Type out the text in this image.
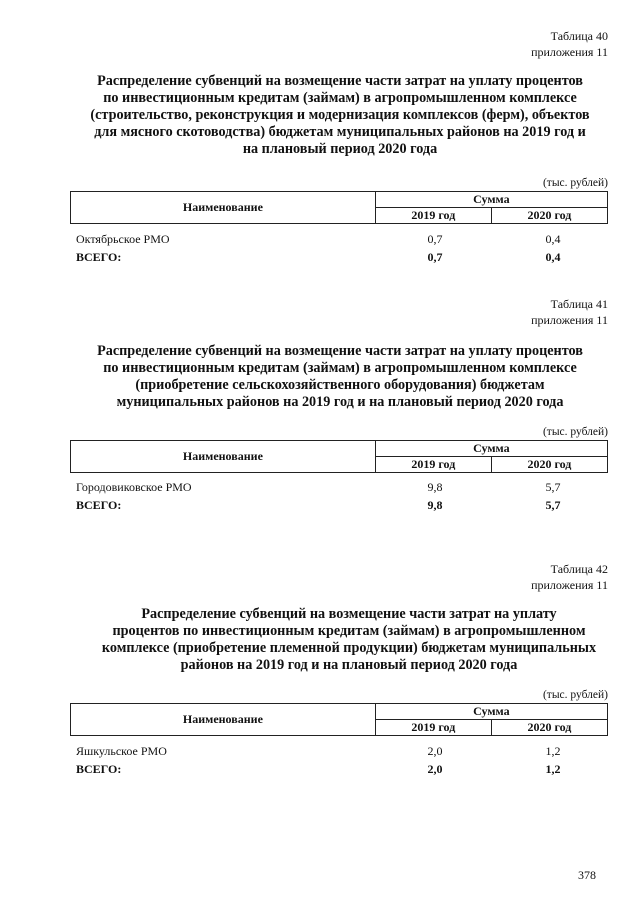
Таблица 40
приложения 11
Распределение субвенций на возмещение части затрат на уплату процентов
по инвестиционным кредитам (займам) в агропромышленном комплексе
(строительство, реконструкция и модернизация комплексов (ферм), объектов
для мясного скотоводства) бюджетам муниципальных районов на 2019 год и
на плановый период 2020 года
(тыс. рублей)
Наименование	Сумма	
	2019 год	2020 год
Октябрьское РМО	0,7	0,4
ВСЕГО:	0,7	0,4
Таблица 41
приложения 11
Распределение субвенций на возмещение части затрат на уплату процентов
по инвестиционным кредитам (займам) в агропромышленном комплексе
(приобретение сельскохозяйственного оборудования) бюджетам
муниципальных районов на 2019 год и на плановый период 2020 года
(тыс. рублей)
Наименование	Сумма	
	2019 год	2020 год
Городовиковское РМО	9,8	5,7
ВСЕГО:	9,8	5,7
Таблица 42
приложения 11
Распределение субвенций на возмещение части затрат на уплату
процентов по инвестиционным кредитам (займам) в агропромышленном
комплексе (приобретение племенной продукции) бюджетам муниципальных
районов на 2019 год и на плановый период 2020 года
(тыс. рублей)
Наименование	Сумма	
	2019 год	2020 год
Яшкульское РМО	2,0	1,2
ВСЕГО:	2,0	1,2
378
